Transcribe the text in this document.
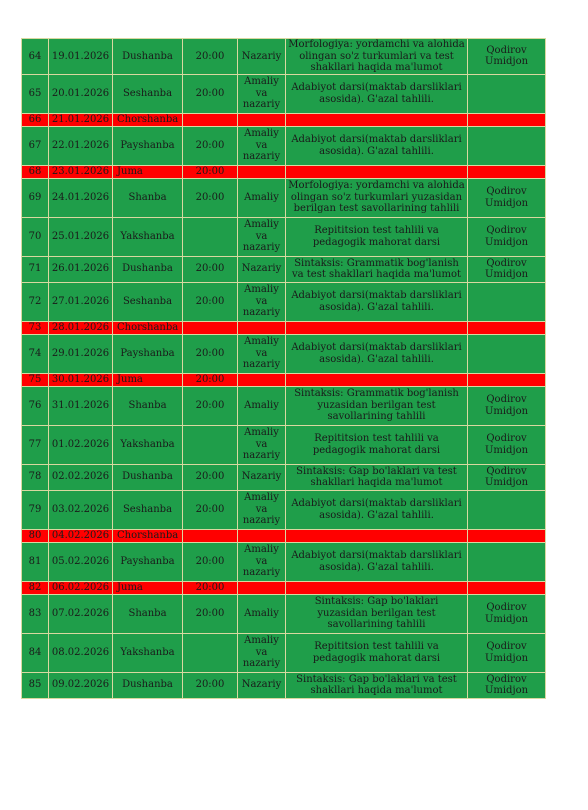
uz	uz
64	19.01.2026	Dushanba	20:00	Nazariy	Morfologiya: yordamchi va alohida olingan so'z turkumlari va test shakllari haqida ma'lumot	Qodirov Umidjon
65	20.01.2026	Seshanba	20:00	Amaliy va nazariy	Adabiyot darsi(maktab darsliklari asosida). G'azal tahlili.	
66	21.01.2026	Chorshanba				
67	22.01.2026	Payshanba	20:00	Amaliy va nazariy	Adabiyot darsi(maktab darsliklari asosida). G'azal tahlili.	
68	23.01.2026	Juma	20:00			
69	24.01.2026	Shanba	20:00	Amaliy	Morfologiya: yordamchi va alohida olingan so'z turkumlari yuzasidan berilgan test savollarining tahlili	Qodirov Umidjon
70	25.01.2026	Yakshanba		Amaliy va nazariy	Repititsion test tahlili va pedagogik mahorat darsi	Qodirov Umidjon
71	26.01.2026	Dushanba	20:00	Nazariy	Sintaksis: Grammatik bog'lanish va test shakllari haqida ma'lumot	Qodirov Umidjon
72	27.01.2026	Seshanba	20:00	Amaliy va nazariy	Adabiyot darsi(maktab darsliklari asosida). G'azal tahlili.	
73	28.01.2026	Chorshanba				
74	29.01.2026	Payshanba	20:00	Amaliy va nazariy	Adabiyot darsi(maktab darsliklari asosida). G'azal tahlili.	
75	30.01.2026	Juma	20:00			
76	31.01.2026	Shanba	20:00	Amaliy	Sintaksis: Grammatik bog'lanish yuzasidan berilgan test savollarining tahlili	Qodirov Umidjon
77	01.02.2026	Yakshanba		Amaliy va nazariy	Repititsion test tahlili va pedagogik mahorat darsi	Qodirov Umidjon
78	02.02.2026	Dushanba	20:00	Nazariy	Sintaksis: Gap bo'laklari va test shakllari haqida ma'lumot	Qodirov Umidjon
79	03.02.2026	Seshanba	20:00	Amaliy va nazariy	Adabiyot darsi(maktab darsliklari asosida). G'azal tahlili.	
80	04.02.2026	Chorshanba				
81	05.02.2026	Payshanba	20:00	Amaliy va nazariy	Adabiyot darsi(maktab darsliklari asosida). G'azal tahlili.	
82	06.02.2026	Juma	20:00			
83	07.02.2026	Shanba	20:00	Amaliy	Sintaksis: Gap bo'laklari yuzasidan berilgan test savollarining tahlili	Qodirov Umidjon
84	08.02.2026	Yakshanba		Amaliy va nazariy	Repititsion test tahlili va pedagogik mahorat darsi	Qodirov Umidjon
85	09.02.2026	Dushanba	20:00	Nazariy	Sintaksis: Gap bo'laklari va test shakllari haqida ma'lumot	Qodirov Umidjon
